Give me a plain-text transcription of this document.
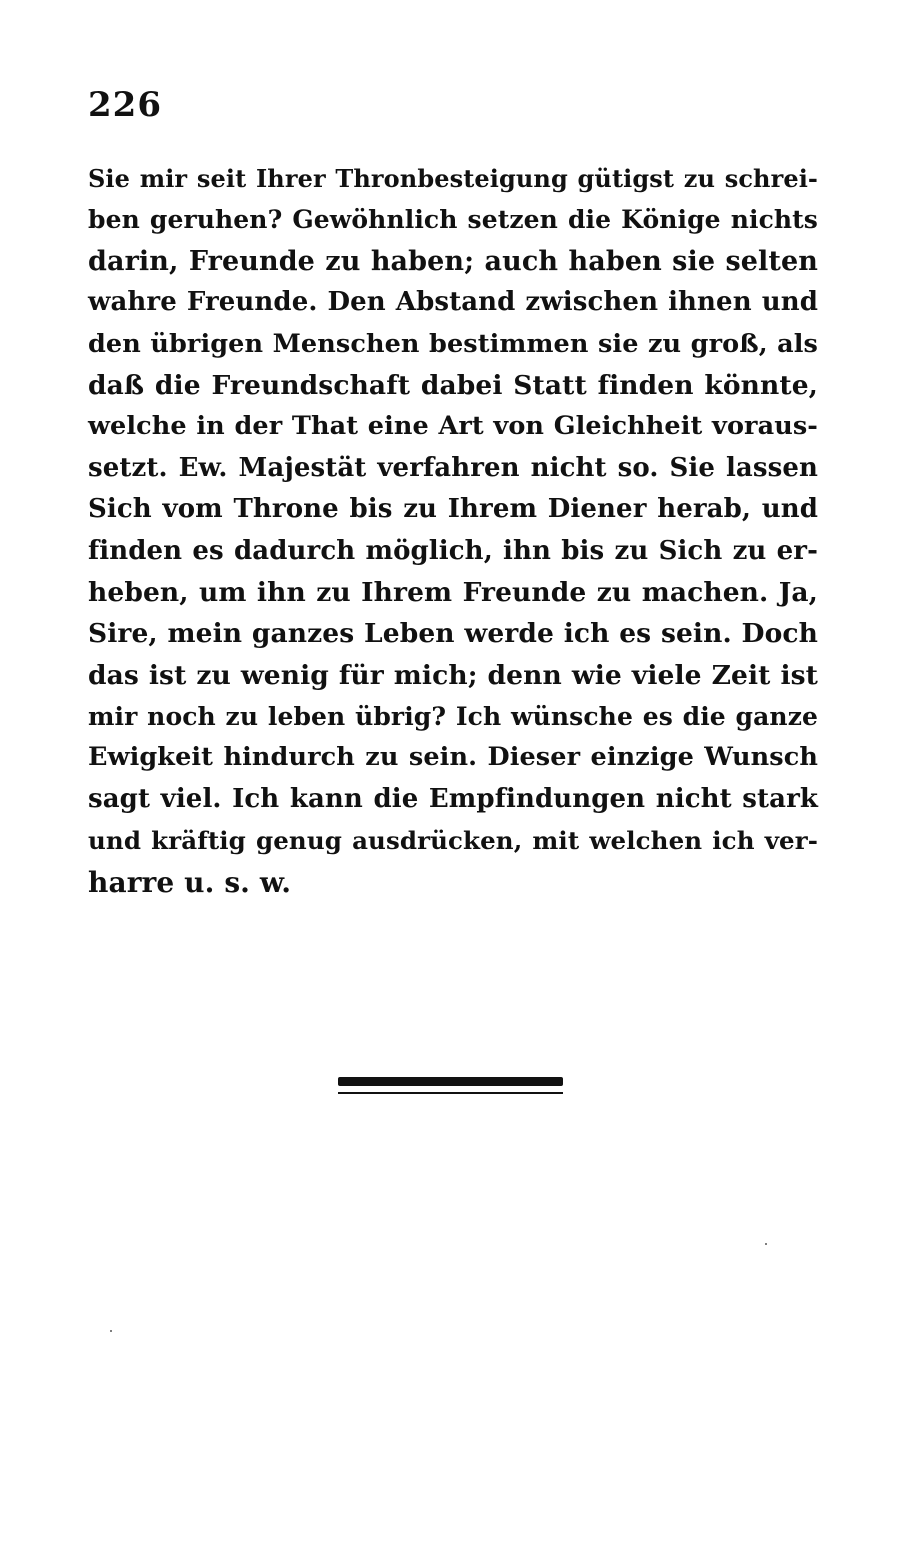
226
Sie mir seit Ihrer Thronbesteigung gütigst zu schrei-
ben geruhen? Gewöhnlich setzen die Könige nichts
darin, Freunde zu haben; auch haben sie selten
wahre Freunde. Den Abstand zwischen ihnen und
den übrigen Menschen bestimmen sie zu groß, als
daß die Freundschaft dabei Statt finden könnte,
welche in der That eine Art von Gleichheit voraus-
setzt. Ew. Majestät verfahren nicht so. Sie lassen
Sich vom Throne bis zu Ihrem Diener herab, und
finden es dadurch möglich, ihn bis zu Sich zu er-
heben, um ihn zu Ihrem Freunde zu machen. Ja,
Sire, mein ganzes Leben werde ich es sein. Doch
das ist zu wenig für mich; denn wie viele Zeit ist
mir noch zu leben übrig? Ich wünsche es die ganze
Ewigkeit hindurch zu sein. Dieser einzige Wunsch
sagt viel. Ich kann die Empfindungen nicht stark
und kräftig genug ausdrücken, mit welchen ich ver-
harre u. s. w.
